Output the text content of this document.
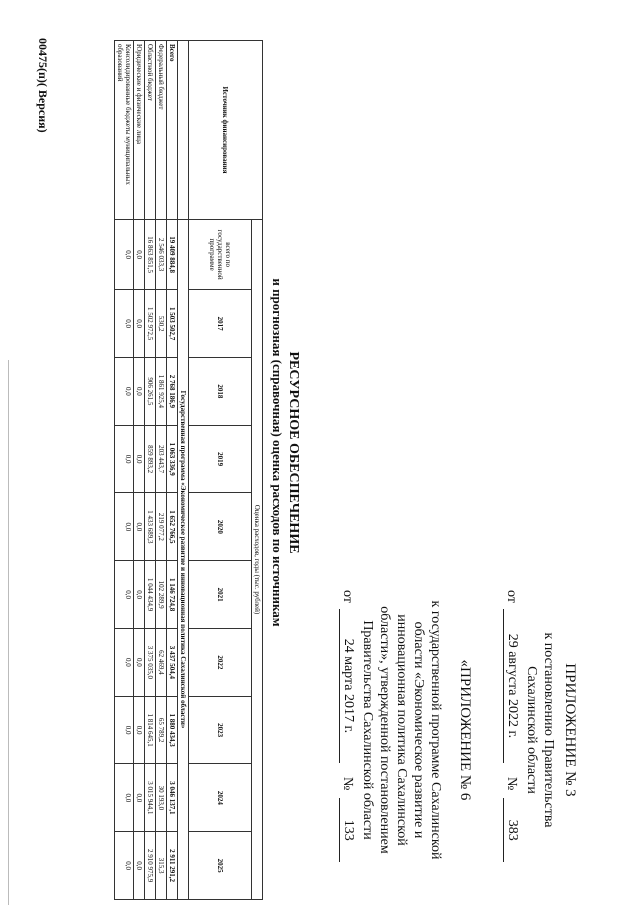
ПРИЛОЖЕНИЕ № 3
к постановлению Правительства
Сахалинской области
от
29 августа 2022 г.
№
383
«ПРИЛОЖЕНИЕ № 6
к государственной программе Сахалинской
области «Экономическое развитие и
инновационная политика Сахалинской
области», утвержденной постановлением
Правительства Сахалинской области
от
24 марта 2017 г.
№
133
РЕСУРСНОЕ ОБЕСПЕЧЕНИЕ
и прогнозная (справочная) оценка расходов по источникам
Источник финансирования	Оценка расходов, годы (тыс. рублей)									
	всего по государственной программе	2017	2018	2019	2020	2021	2022	2023	2024	2025
	Государственная программа «Экономическое развитие и инновационная политика Сахалинской области»									
Всего	19 409 884,8	1 503 502,7	2 768 186,9	1 063 336,9	1 652 766,5	1 146 724,8	3 437 504,4	1 880 434,3	3 046 137,1	2 911 291,2
Федеральный бюджет	2 546 033,3	530,2	1 861 925,4	203 443,7	219 077,2	102 289,9	62 469,4	65 789,2	30 193,0	315,3
Областной бюджет	16 863 851,5	1 502 972,5	906 261,5	859 893,2	1 433 689,3	1 044 434,9	3 375 035,0	1 814 645,1	3 015 944,1	2 910 975,9
Юридические и физические лица	0,0	0,0	0,0	0,0	0,0	0,0	0,0	0,0	0,0	0,0
Консолидированные бюджеты муниципальных образований	0,0	0,0	0,0	0,0	0,0	0,0	0,0	0,0	0,0	0,0
00475(п)( Версия)
